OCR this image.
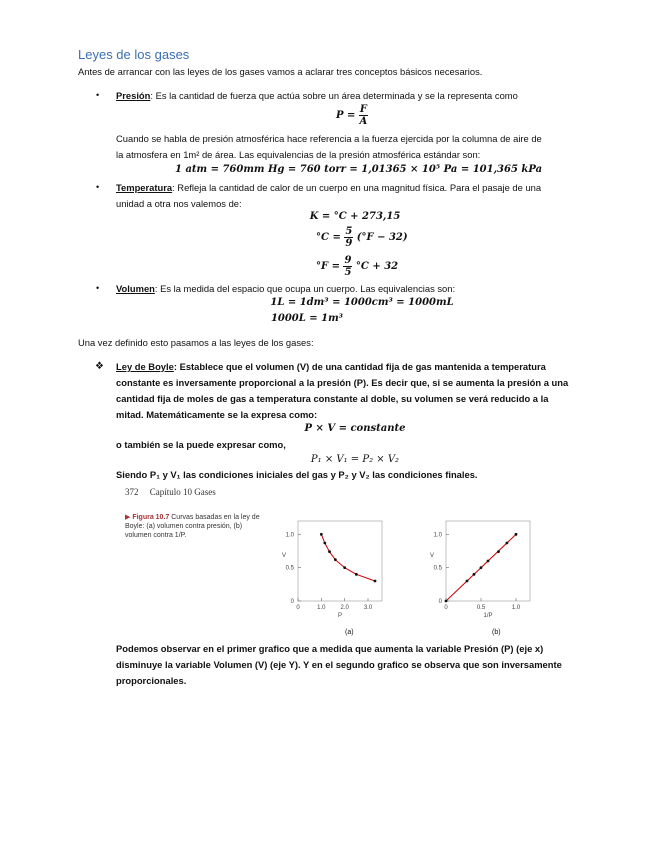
Leyes de los gases
Antes de arrancar con las leyes de los gases vamos a aclarar tres conceptos básicos necesarios.
• Presión: Es la cantidad de fuerza que actúa sobre un área determinada y se la representa como
$P = \frac{F}{A}$
Cuando se habla de presión atmosférica hace referencia a la fuerza ejercida por la columna de aire de
la atmosfera en 1m² de área. Las equivalencias de la presión atmosférica estándar son:
1 atm = 760mm Hg = 760 torr = 1,01365 × 10⁵ Pa = 101,365 kPa
• Temperatura: Refleja la cantidad de calor de un cuerpo en una magnitud física. Para el pasaje de una
unidad a otra nos valemos de:
K = °C + 273,15
$^\circ C = \frac{5}{9} (^\circ F - 32)$
$^\circ F = \frac{9}{5} ^\circ C + 32$
• Volumen: Es la medida del espacio que ocupa un cuerpo. Las equivalencias son:
1L = 1dm³ = 1000cm³ = 1000mL
1000L = 1m³
Una vez definido esto pasamos a las leyes de los gases:
❖ Ley de Boyle: Establece que el volumen (V) de una cantidad fija de gas mantenida a temperatura
constante es inversamente proporcional a la presión (P). Es decir que, si se aumenta la presión a una
cantidad fija de moles de gas a temperatura constante al doble, su volumen se verá reducido a la
mitad. Matemáticamente se la expresa como:
P × V = constante
o también se la puede expresar como,
P₁ × V₁ = P₂ × V₂
Siendo P₁ y V₁ las condiciones iniciales del gas y P₂ y V₂ las condiciones finales.
372 Capítulo 10 Gases
▶ Figura 10.7 Curvas basadas en la ley de Boyle: (a) volumen contra presión, (b) volumen contra 1/P.
0
0.5
1.0
0	1.0 2.0 3.0
P
V
0
0.5
1.0
0	0.5	1.0
1/P
V
(a)	(b)
Podemos observar en el primer grafico que a medida que aumenta la variable Presión (P) (eje x)
disminuye la variable Volumen (V) (eje Y). Y en el segundo grafico se observa que son inversamente
proporcionales.
